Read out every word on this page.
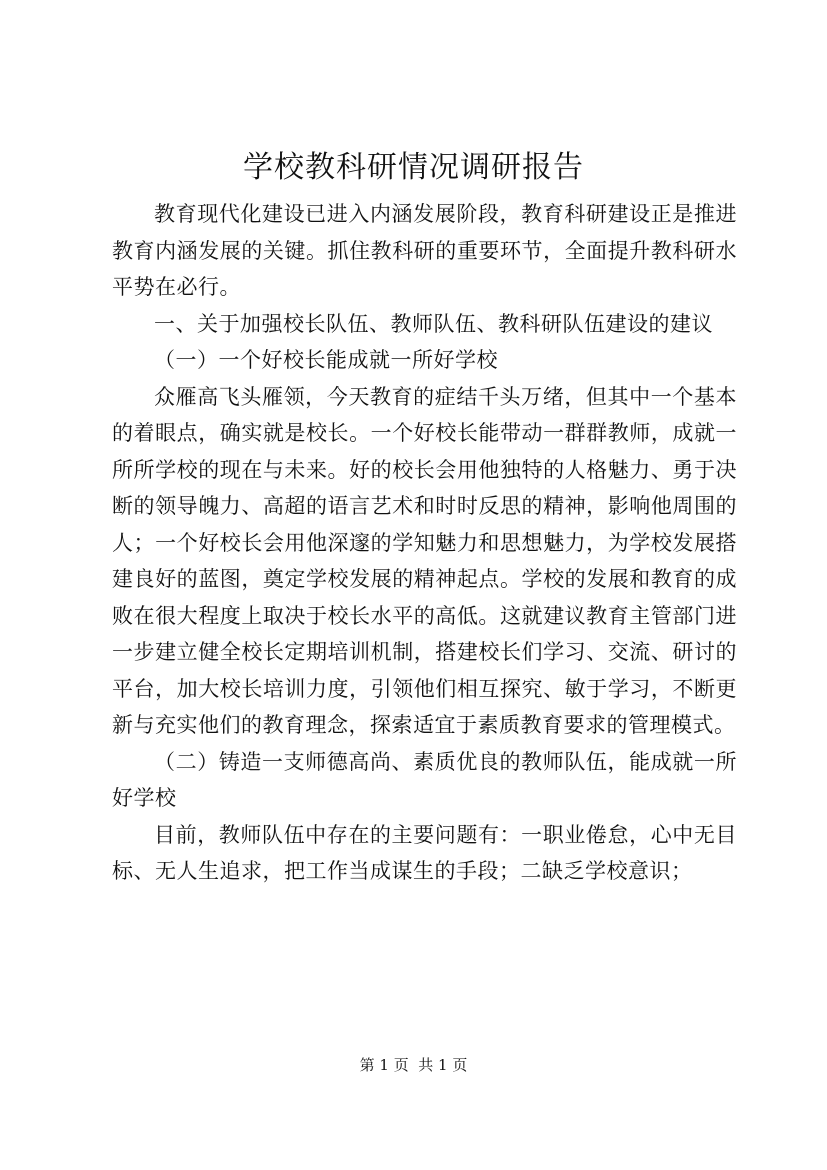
学校教科研情况调研报告

教育现代化建设已进入内涵发展阶段，教育科研建设正是推进教育内涵发展的关键。抓住教科研的重要环节，全面提升教科研水平势在必行。

一、关于加强校长队伍、教师队伍、教科研队伍建设的建议

（一）一个好校长能成就一所好学校

众雁高飞头雁领，今天教育的症结千头万绪，但其中一个基本的着眼点，确实就是校长。一个好校长能带动一群群教师，成就一所所学校的现在与未来。好的校长会用他独特的人格魅力、勇于决断的领导魄力、高超的语言艺术和时时反思的精神，影响他周围的人；一个好校长会用他深邃的学知魅力和思想魅力，为学校发展搭建良好的蓝图，奠定学校发展的精神起点。学校的发展和教育的成败在很大程度上取决于校长水平的高低。这就建议教育主管部门进一步建立健全校长定期培训机制，搭建校长们学习、交流、研讨的平台，加大校长培训力度，引领他们相互探究、敏于学习，不断更新与充实他们的教育理念，探索适宜于素质教育要求的管理模式。

（二）铸造一支师德高尚、素质优良的教师队伍，能成就一所好学校

目前，教师队伍中存在的主要问题有：一职业倦怠，心中无目标、无人生追求，把工作当成谋生的手段；二缺乏学校意识；

第 1 页  共 1 页
